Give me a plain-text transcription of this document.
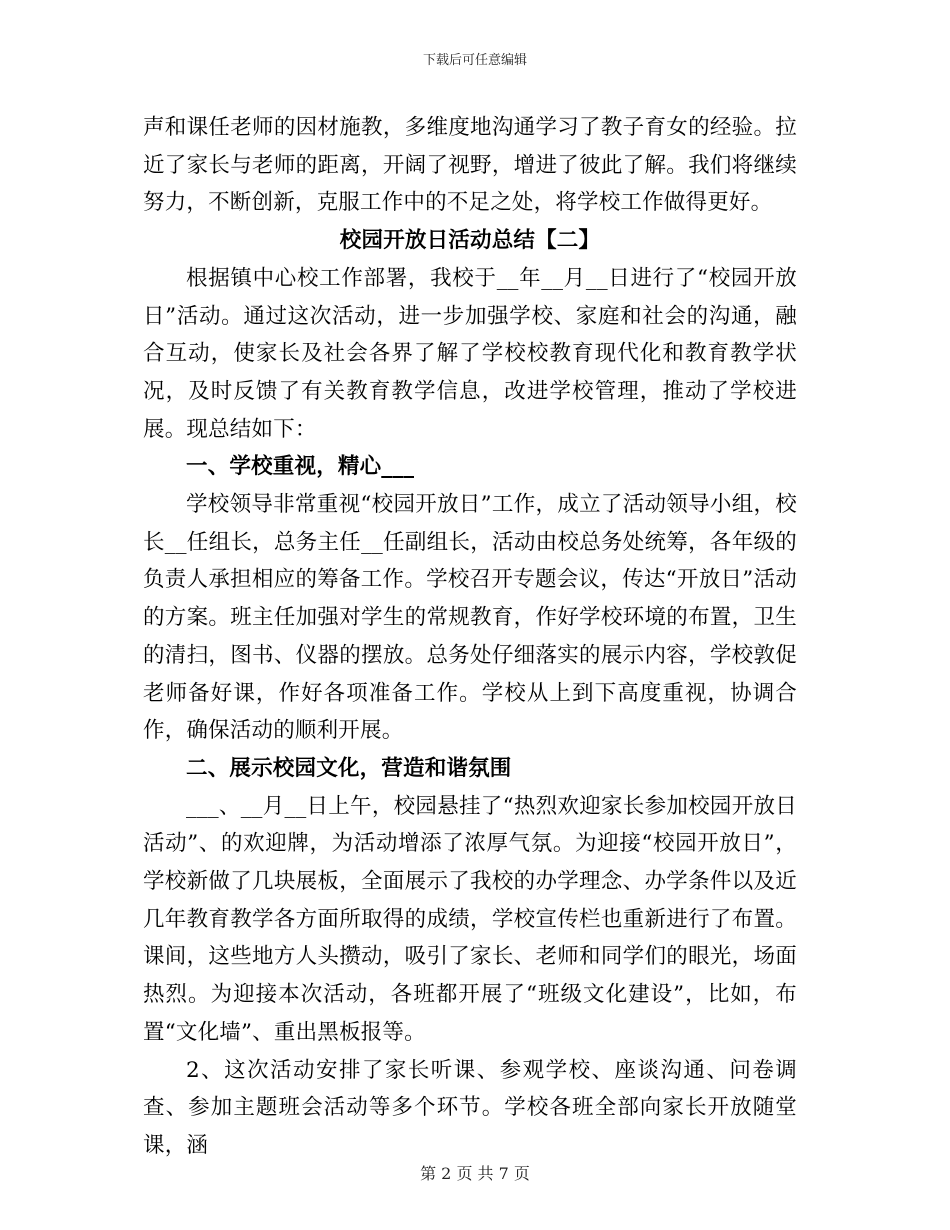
下载后可任意编辑

声和课任老师的因材施教，多维度地沟通学习了教子育女的经验。拉近了家长与老师的距离，开阔了视野，增进了彼此了解。我们将继续努力，不断创新，克服工作中的不足之处，将学校工作做得更好。

校园开放日活动总结【二】

根据镇中心校工作部署，我校于__年__月__日进行了“校园开放日”活动。通过这次活动，进一步加强学校、家庭和社会的沟通，融合互动，使家长及社会各界了解了学校校教育现代化和教育教学状况，及时反馈了有关教育教学信息，改进学校管理，推动了学校进展。现总结如下：

一、学校重视，精心___

学校领导非常重视“校园开放日”工作，成立了活动领导小组，校长__任组长，总务主任__任副组长，活动由校总务处统筹，各年级的负责人承担相应的筹备工作。学校召开专题会议，传达“开放日”活动的方案。班主任加强对学生的常规教育，作好学校环境的布置，卫生的清扫，图书、仪器的摆放。总务处仔细落实的展示内容，学校敦促老师备好课，作好各项准备工作。学校从上到下高度重视，协调合作，确保活动的顺利开展。

二、展示校园文化，营造和谐氛围

___、__月__日上午，校园悬挂了“热烈欢迎家长参加校园开放日活动”、的欢迎牌，为活动增添了浓厚气氛。为迎接“校园开放日”，学校新做了几块展板，全面展示了我校的办学理念、办学条件以及近几年教育教学各方面所取得的成绩，学校宣传栏也重新进行了布置。课间，这些地方人头攒动，吸引了家长、老师和同学们的眼光，场面热烈。为迎接本次活动，各班都开展了“班级文化建设”，比如，布置“文化墙”、重出黑板报等。

2、这次活动安排了家长听课、参观学校、座谈沟通、问卷调查、参加主题班会活动等多个环节。学校各班全部向家长开放随堂课，涵

第 2 页 共 7 页
